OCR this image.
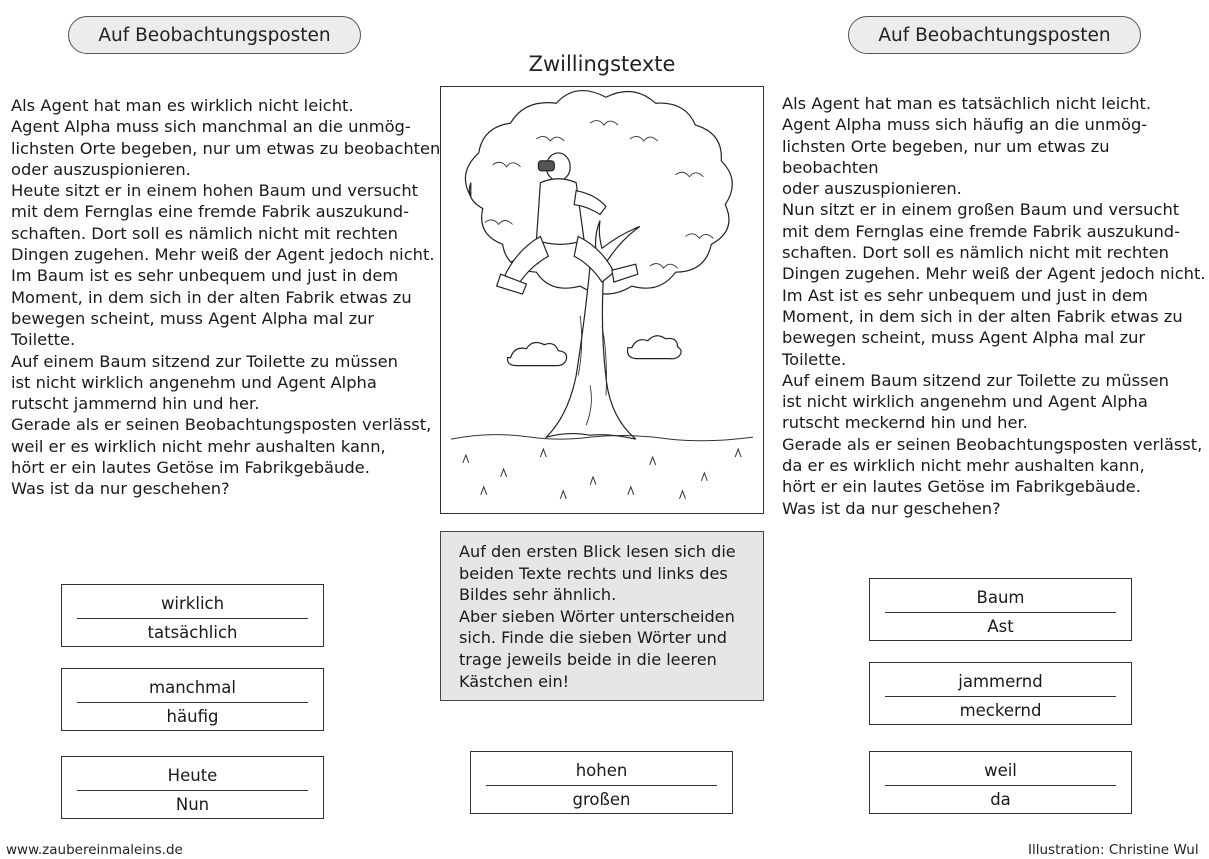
Auf Beobachtungsposten	Auf Beobachtungsposten
Zwillingstexte
Als Agent hat man es wirklich nicht leicht.
Agent Alpha muss sich manchmal an die unmög-
lichsten Orte begeben, nur um etwas zu beobachten
oder auszuspionieren.
Heute sitzt er in einem hohen Baum und versucht
mit dem Fernglas eine fremde Fabrik auszukund-
schaften. Dort soll es nämlich nicht mit rechten
Dingen zugehen. Mehr weiß der Agent jedoch nicht.
Im Baum ist es sehr unbequem und just in dem
Moment, in dem sich in der alten Fabrik etwas zu
bewegen scheint, muss Agent Alpha mal zur
Toilette.
Auf einem Baum sitzend zur Toilette zu müssen
ist nicht wirklich angenehm und Agent Alpha
rutscht jammernd hin und her.
Gerade als er seinen Beobachtungsposten verlässt,
weil er es wirklich nicht mehr aushalten kann,
hört er ein lautes Getöse im Fabrikgebäude.
Was ist da nur geschehen?
Als Agent hat man es tatsächlich nicht leicht.
Agent Alpha muss sich häufig an die unmög-
lichsten Orte begeben, nur um etwas zu beobachten
oder auszuspionieren.
Nun sitzt er in einem großen Baum und versucht
mit dem Fernglas eine fremde Fabrik auszukund-
schaften. Dort soll es nämlich nicht mit rechten
Dingen zugehen. Mehr weiß der Agent jedoch nicht.
Im Ast ist es sehr unbequem und just in dem
Moment, in dem sich in der alten Fabrik etwas zu
bewegen scheint, muss Agent Alpha mal zur
Toilette.
Auf einem Baum sitzend zur Toilette zu müssen
ist nicht wirklich angenehm und Agent Alpha
rutscht meckernd hin und her.
Gerade als er seinen Beobachtungsposten verlässt,
da er es wirklich nicht mehr aushalten kann,
hört er ein lautes Getöse im Fabrikgebäude.
Was ist da nur geschehen?
Auf den ersten Blick lesen sich die
beiden Texte rechts und links des
Bildes sehr ähnlich.
Aber sieben Wörter unterscheiden
sich. Finde die sieben Wörter und
trage jeweils beide in die leeren
Kästchen ein!
wirklich
tatsächlich
manchmal
häufig
Heute
Nun
hohen
großen
Baum
Ast
jammernd
meckernd
weil
da
www.zaubereinmaleins.de	Illustration: Christine Wul
